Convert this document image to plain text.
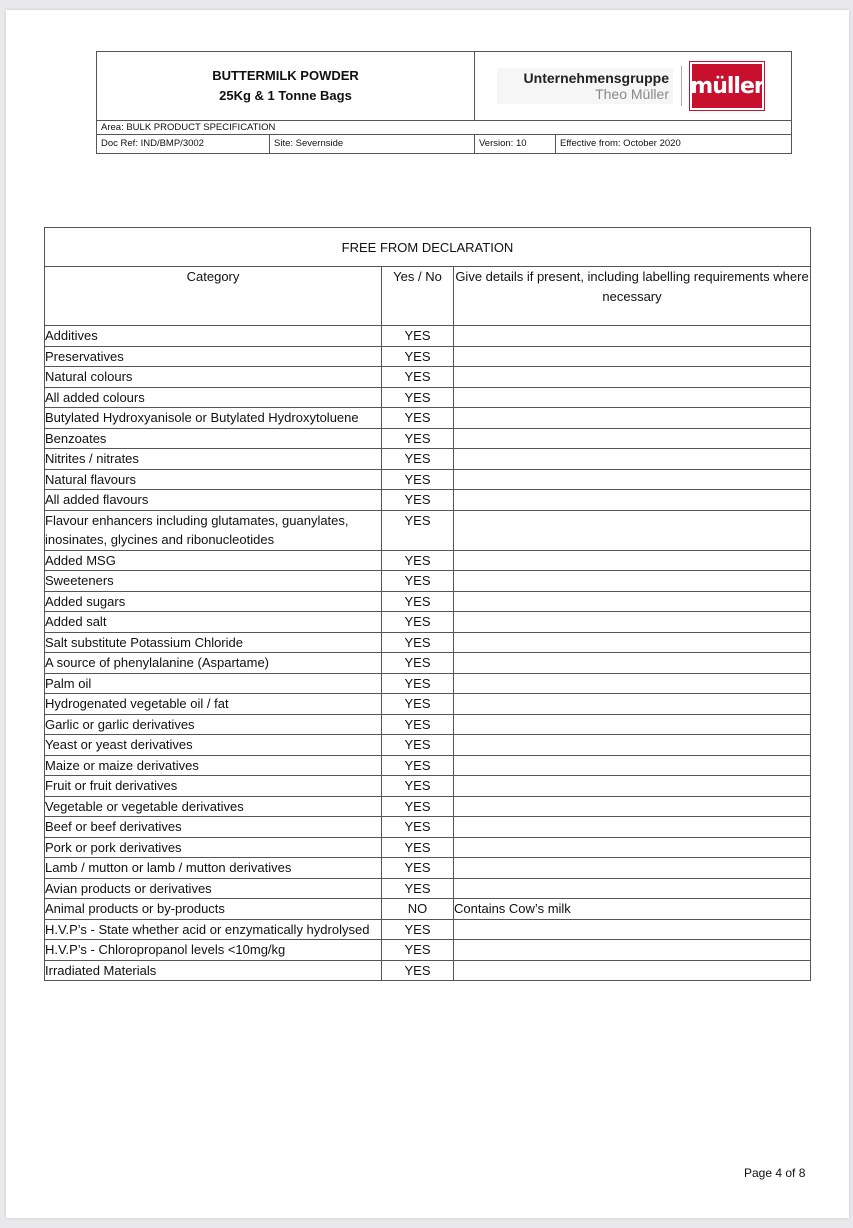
BUTTERMILK POWDER
25Kg & 1 Tonne Bags
Unternehmensgruppe
Theo Müller müller
Area: BULK PRODUCT SPECIFICATION
Doc Ref: IND/BMP/3002	Site: Severnside	Version: 10	Effective from: October 2020
FREE FROM DECLARATION		
Category	Yes / No	Give details if present, including labelling requirements where necessary
Additives	YES	
Preservatives	YES	
Natural colours	YES	
All added colours	YES	
Butylated Hydroxyanisole or Butylated Hydroxytoluene	YES	
Benzoates	YES	
Nitrites / nitrates	YES	
Natural flavours	YES	
All added flavours	YES	
Flavour enhancers including glutamates, guanylates, inosinates, glycines and ribonucleotides	YES	
Added MSG	YES	
Sweeteners	YES	
Added sugars	YES	
Added salt	YES	
Salt substitute Potassium Chloride	YES	
A source of phenylalanine (Aspartame)	YES	
Palm oil	YES	
Hydrogenated vegetable oil / fat	YES	
Garlic or garlic derivatives	YES	
Yeast or yeast derivatives	YES	
Maize or maize derivatives	YES	
Fruit or fruit derivatives	YES	
Vegetable or vegetable derivatives	YES	
Beef or beef derivatives	YES	
Pork or pork derivatives	YES	
Lamb / mutton or lamb / mutton derivatives	YES	
Avian products or derivatives	YES	
Animal products or by-products	NO	Contains Cow’s milk
H.V.P’s - State whether acid or enzymatically hydrolysed	YES	
H.V.P’s - Chloropropanol levels <10mg/kg	YES	
Irradiated Materials	YES	
Page 4 of 8
